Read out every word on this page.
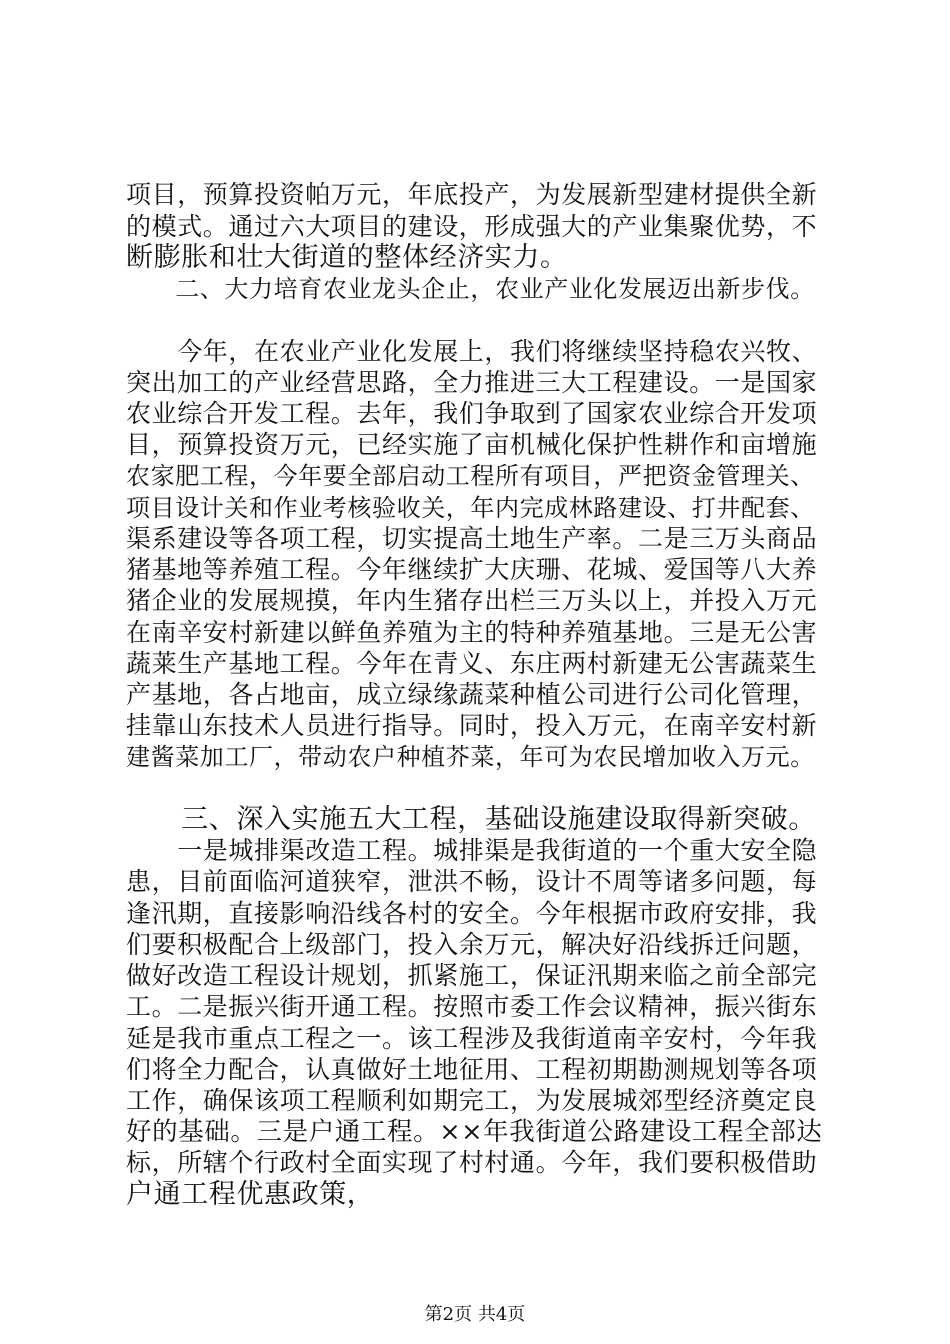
项目，预算投资帕万元，年底投产，为发展新型建材提供全新
的模式。通过六大项目的建设，形成强大的产业集聚优势，不
断膨胀和壮大街道的整体经济实力。
　　二、大力培育农业龙头企止，农业产业化发展迈出新步伐。
　　今年，在农业产业化发展上，我们将继续坚持稳农兴牧、
突出加工的产业经营思路，全力推进三大工程建设。一是国家
农业综合开发工程。去年，我们争取到了国家农业综合开发项
目，预算投资万元，已经实施了亩机械化保护性耕作和亩增施
农家肥工程，今年要全部启动工程所有项目，严把资金管理关、
项目设计关和作业考核验收关，年内完成林路建设、打井配套、
渠系建设等各项工程，切实提高土地生产率。二是三万头商品
猪基地等养殖工程。今年继续扩大庆珊、花城、爱国等八大养
猪企业的发展规摸，年内生猪存出栏三万头以上，并投入万元
在南辛安村新建以鲜鱼养殖为主的特种养殖基地。三是无公害
蔬莱生产基地工程。今年在青义、东庄两村新建无公害蔬菜生
产基地，各占地亩，成立绿缘蔬菜种植公司进行公司化管理，
挂靠山东技术人员进行指导。同时，投入万元，在南辛安村新
建酱菜加工厂，带动农户种植芥菜，年可为农民增加收入万元。
　　三、深入实施五大工程，基础设施建设取得新突破。
　　一是城排渠改造工程。城排渠是我街道的一个重大安全隐
患，目前面临河道狭窄，泄洪不畅，设计不周等诸多问题，每
逢汛期，直接影响沿线各村的安全。今年根据市政府安排，我
们要积极配合上级部门，投入余万元，解决好沿线拆迁问题，
做好改造工程设计规划，抓紧施工，保证汛期来临之前全部完
工。二是振兴街开通工程。按照市委工作会议精神，振兴街东
延是我市重点工程之一。该工程涉及我街道南辛安村，今年我
们将全力配合，认真做好土地征用、工程初期勘测规划等各项
工作，确保该项工程顺利如期完工，为发展城郊型经济奠定良
好的基础。三是户通工程。××年我街道公路建设工程全部达
标，所辖个行政村全面实现了村村通。今年，我们要积极借助
户通工程优惠政策，
第2页 共4页
